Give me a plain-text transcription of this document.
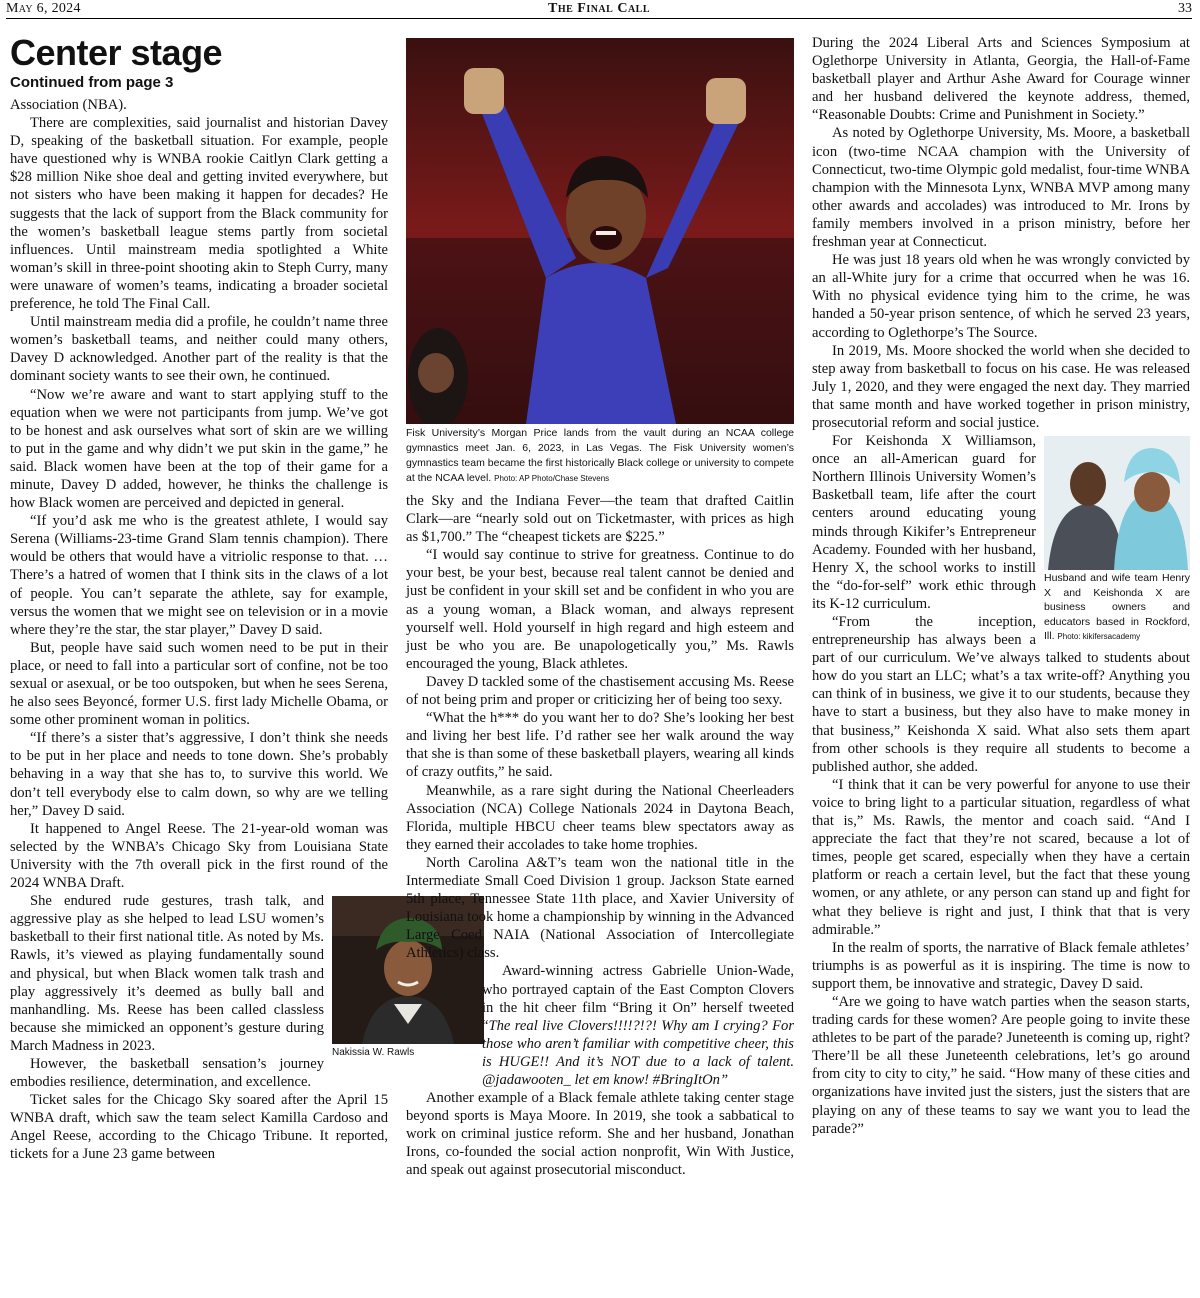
May 6, 2024	The Final Call	33
Center stage
Continued from page 3

Association (NBA).

There are complexities, said journalist and historian Davey D, speaking of the basketball situation. For example, people have questioned why is WNBA rookie Caitlyn Clark getting a $28 million Nike shoe deal and getting invited everywhere, but not sisters who have been making it happen for decades? He suggests that the lack of support from the Black community for the women’s basketball league stems partly from societal influences. Until mainstream media spotlighted a White woman’s skill in three-point shooting akin to Steph Curry, many were unaware of women’s teams, indicating a broader societal preference, he told The Final Call.

Until mainstream media did a profile, he couldn’t name three women’s basketball teams, and neither could many others, Davey D acknowledged. Another part of the reality is that the dominant society wants to see their own, he continued.

“Now we’re aware and want to start applying stuff to the equation when we were not participants from jump. We’ve got to be honest and ask ourselves what sort of skin are we willing to put in the game and why didn’t we put skin in the game,” he said. Black women have been at the top of their game for a minute, Davey D added, however, he thinks the challenge is how Black women are perceived and depicted in general.

“If you’d ask me who is the greatest athlete, I would say Serena (Williams-23-time Grand Slam tennis champion). There would be others that would have a vitriolic response to that. … There’s a hatred of women that I think sits in the claws of a lot of people. You can’t separate the athlete, say for example, versus the women that we might see on television or in a movie where they’re the star, the star player,” Davey D said.

But, people have said such women need to be put in their place, or need to fall into a particular sort of confine, not be too sexual or asexual, or be too outspoken, but when he sees Serena, he also sees Beyoncé, former U.S. first lady Michelle Obama, or some other prominent woman in politics.

“If there’s a sister that’s aggressive, I don’t think she needs to be put in her place and needs to tone down. She’s probably behaving in a way that she has to, to survive this world. We don’t tell everybody else to calm down, so why are we telling her,” Davey D said.

It happened to Angel Reese. The 21-year-old woman was selected by the WNBA’s Chicago Sky from Louisiana State University with the 7th overall pick in the first round of the 2024 WNBA Draft.

Nakissia W. Rawls

She endured rude gestures, trash talk, and aggressive play as she helped to lead LSU women’s basketball to their first national title. As noted by Ms. Rawls, it’s viewed as playing fundamentally sound and physical, but when Black women talk trash and play aggressively it’s deemed as bully ball and manhandling. Ms. Reese has been called classless because she mimicked an opponent’s gesture during March Madness in 2023.

However, the basketball sensation’s journey embodies resilience, determination, and excellence.

Ticket sales for the Chicago Sky soared after the April 15 WNBA draft, which saw the team select Kamilla Cardoso and Angel Reese, according to the Chicago Tribune. It reported, tickets for a June 23 game between

Fisk University’s Morgan Price lands from the vault during an NCAA college gymnastics meet Jan. 6, 2023, in Las Vegas. The Fisk University women’s gymnastics team became the first historically Black college or university to compete at the NCAA level. Photo: AP Photo/Chase Stevens

the Sky and the Indiana Fever—the team that drafted Caitlin Clark—are “nearly sold out on Ticketmaster, with prices as high as $1,700.” The “cheapest tickets are $225.”

“I would say continue to strive for greatness. Continue to do your best, be your best, because real talent cannot be denied and just be confident in your skill set and be confident in who you are as a young woman, a Black woman, and always represent yourself well. Hold yourself in high regard and high esteem and just be who you are. Be unapologetically you,” Ms. Rawls encouraged the young, Black athletes.

Davey D tackled some of the chastisement accusing Ms. Reese of not being prim and proper or criticizing her of being too sexy.

“What the h*** do you want her to do? She’s looking her best and living her best life. I’d rather see her walk around the way that she is than some of these basketball players, wearing all kinds of crazy outfits,” he said.

Meanwhile, as a rare sight during the National Cheerleaders Association (NCA) College Nationals 2024 in Daytona Beach, Florida, multiple HBCU cheer teams blew spectators away as they earned their accolades to take home trophies.

North Carolina A&T’s team won the national title in the Intermediate Small Coed Division 1 group. Jackson State earned 5th place, Tennessee State 11th place, and Xavier University of Louisiana took home a championship by winning in the Advanced Large Coed NAIA (National Association of Intercollegiate Athletics) class.

Award-winning actress Gabrielle Union-Wade, who portrayed captain of the East Compton Clovers in the hit cheer film “Bring it On” herself tweeted “The real live Clovers!!!!?!?! Why am I crying? For those who aren’t familiar with competitive cheer, this is HUGE!! And it’s NOT due to a lack of talent. @jadawooten_ let em know! #BringItOn”

Another example of a Black female athlete taking center stage beyond sports is Maya Moore. In 2019, she took a sabbatical to work on criminal justice reform. She and her husband, Jonathan Irons, co-founded the social action nonprofit, Win With Justice, and speak out against prosecutorial misconduct.

During the 2024 Liberal Arts and Sciences Symposium at Oglethorpe University in Atlanta, Georgia, the Hall-of-Fame basketball player and Arthur Ashe Award for Courage winner and her husband delivered the keynote address, themed, “Reasonable Doubts: Crime and Punishment in Society.”

As noted by Oglethorpe University, Ms. Moore, a basketball icon (two-time NCAA champion with the University of Connecticut, two-time Olympic gold medalist, four-time WNBA champion with the Minnesota Lynx, WNBA MVP among many other awards and accolades) was introduced to Mr. Irons by family members involved in a prison ministry, before her freshman year at Connecticut.

He was just 18 years old when he was wrongly convicted by an all-White jury for a crime that occurred when he was 16. With no physical evidence tying him to the crime, he was handed a 50-year prison sentence, of which he served 23 years, according to Oglethorpe’s The Source.

In 2019, Ms. Moore shocked the world when she decided to step away from basketball to focus on his case. He was released July 1, 2020, and they were engaged the next day. They married that same month and have worked together in prison ministry, prosecutorial reform and social justice.

Husband and wife team Henry X and Keishonda X are business owners and educators based in Rockford, Ill. Photo: kikifersacademy

For Keishonda X Williamson, once an all-American guard for Northern Illinois University Women’s Basketball team, life after the court centers around educating young minds through Kikifer’s Entrepreneur Academy. Founded with her husband, Henry X, the school works to instill the “do-for-self” work ethic through its K-12 curriculum.

“From the inception, entrepreneurship has always been a part of our curriculum. We’ve always talked to students about how do you start an LLC; what’s a tax write-off? Anything you can think of in business, we give it to our students, because they have to start a business, but they also have to make money in that business,” Keishonda X said. What also sets them apart from other schools is they require all students to become a published author, she added.

“I think that it can be very powerful for anyone to use their voice to bring light to a particular situation, regardless of what that is,” Ms. Rawls, the mentor and coach said. “And I appreciate the fact that they’re not scared, because a lot of times, people get scared, especially when they have a certain platform or reach a certain level, but the fact that these young women, or any athlete, or any person can stand up and fight for what they believe is right and just, I think that that is very admirable.”

In the realm of sports, the narrative of Black female athletes’ triumphs is as powerful as it is inspiring. The time is now to support them, be innovative and strategic, Davey D said.

“Are we going to have watch parties when the season starts, trading cards for these women? Are people going to invite these athletes to be part of the parade? Juneteenth is coming up, right? There’ll be all these Juneteenth celebrations, let’s go around from city to city to city,” he said. “How many of these cities and organizations have invited just the sisters, just the sisters that are playing on any of these teams to say we want you to lead the parade?”
